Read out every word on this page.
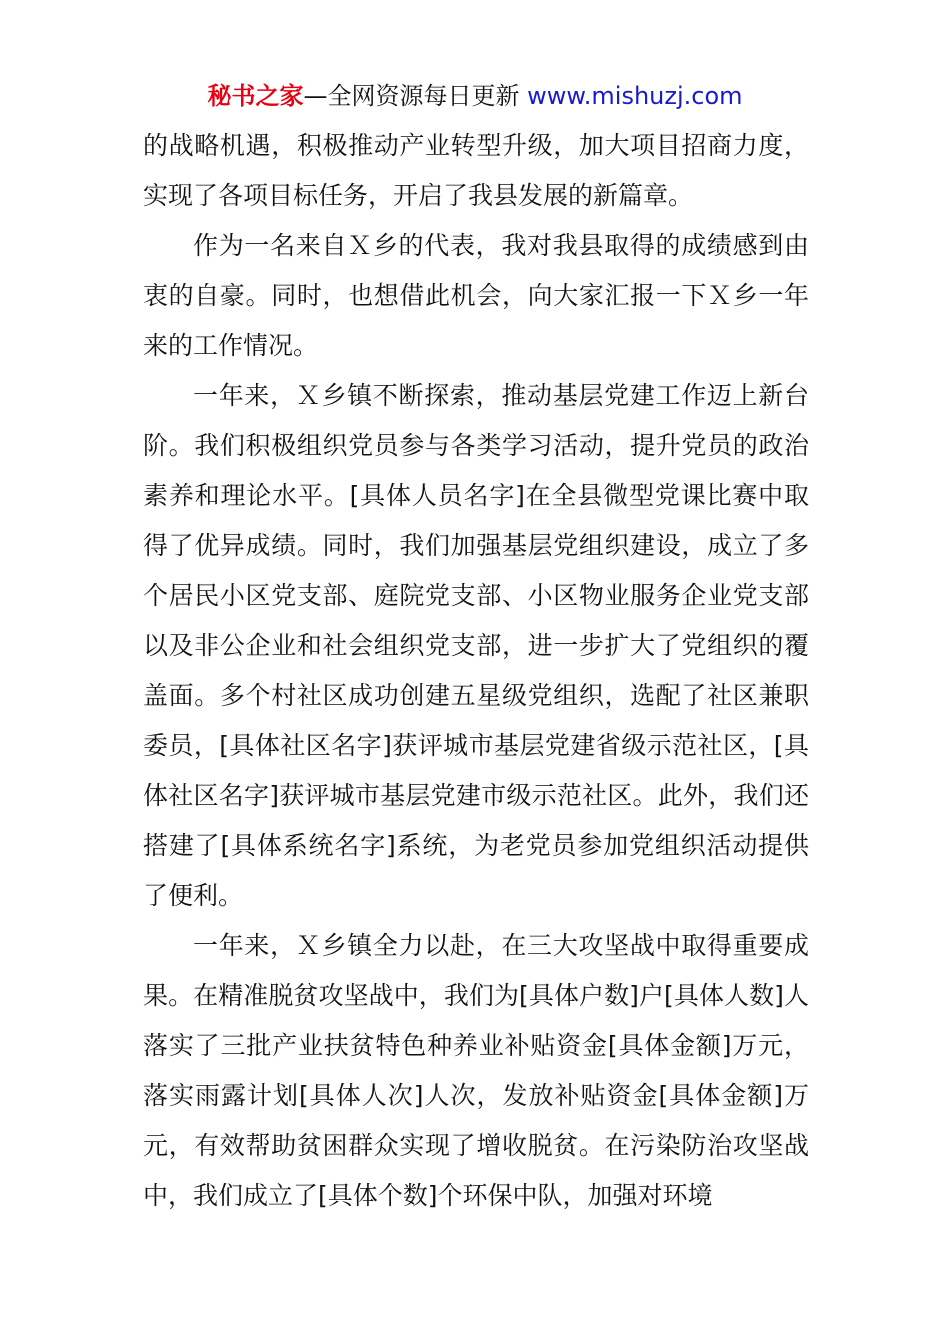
秘书之家—全网资源每日更新 www.mishuzj.com

的战略机遇，积极推动产业转型升级，加大项目招商力度，实现了各项目标任务，开启了我县发展的新篇章。

作为一名来自Ｘ乡的代表，我对我县取得的成绩感到由衷的自豪。同时，也想借此机会，向大家汇报一下Ｘ乡一年来的工作情况。

一年来，Ｘ乡镇不断探索，推动基层党建工作迈上新台阶。我们积极组织党员参与各类学习活动，提升党员的政治素养和理论水平。[具体人员名字]在全县微型党课比赛中取得了优异成绩。同时，我们加强基层党组织建设，成立了多个居民小区党支部、庭院党支部、小区物业服务企业党支部以及非公企业和社会组织党支部，进一步扩大了党组织的覆盖面。多个村社区成功创建五星级党组织，选配了社区兼职委员，[具体社区名字]获评城市基层党建省级示范社区，[具体社区名字]获评城市基层党建市级示范社区。此外，我们还搭建了[具体系统名字]系统，为老党员参加党组织活动提供了便利。

一年来，Ｘ乡镇全力以赴，在三大攻坚战中取得重要成果。在精准脱贫攻坚战中，我们为[具体户数]户[具体人数]人落实了三批产业扶贫特色种养业补贴资金[具体金额]万元，落实雨露计划[具体人次]人次，发放补贴资金[具体金额]万元，有效帮助贫困群众实现了增收脱贫。在污染防治攻坚战中，我们成立了[具体个数]个环保中队，加强对环境
